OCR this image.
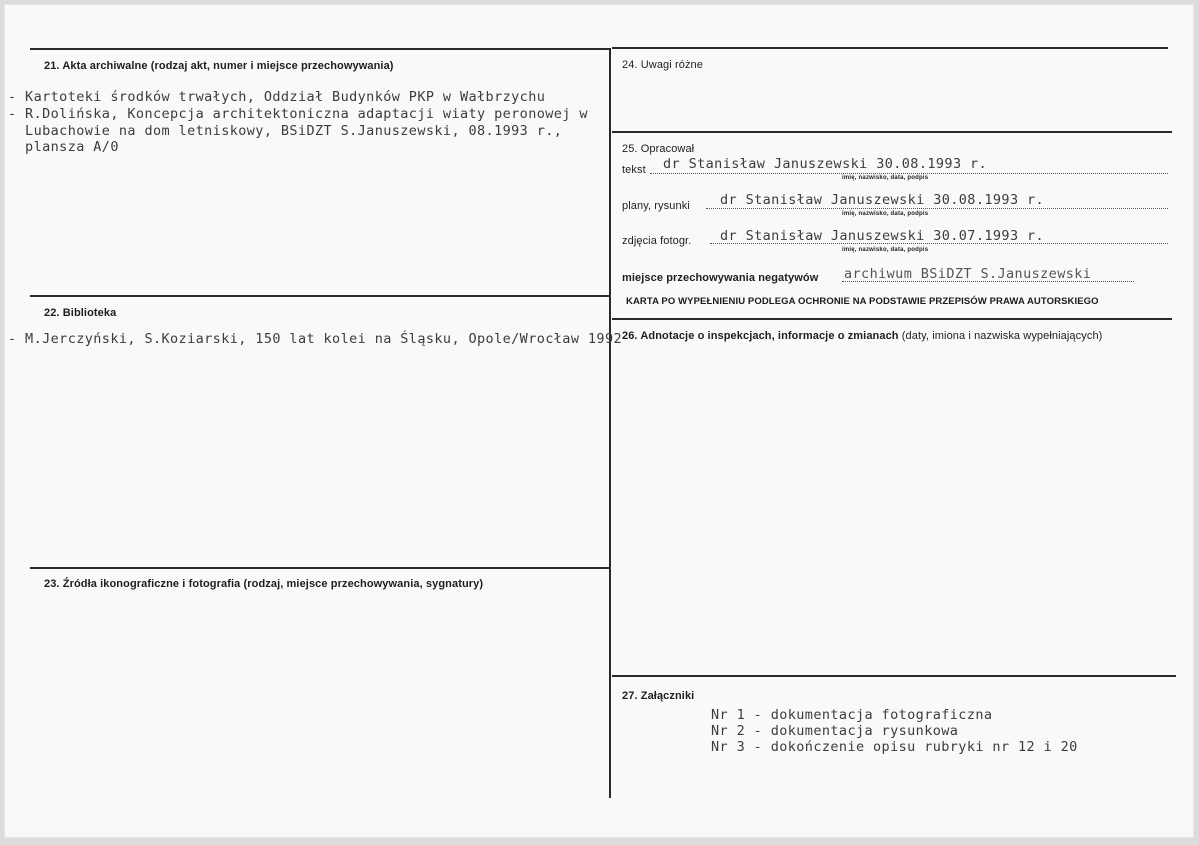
21. Akta archiwalne (rodzaj akt, numer i miejsce przechowywania)
- Kartoteki środków trwałych, Oddział Budynków PKP w Wałbrzychu
- R.Dolińska, Koncepcja architektoniczna adaptacji wiaty peronowej w
Lubachowie na dom letniskowy, BSiDZT S.Januszewski, 08.1993 r.,
plansza A/0
22. Biblioteka
- M.Jerczyński, S.Koziarski, 150 lat kolei na Śląsku, Opole/Wrocław 1992
23. Źródła ikonograficzne i fotografia (rodzaj, miejsce przechowywania, sygnatury)
24. Uwagi różne
25. Opracował
tekst dr Stanisław Januszewski 30.08.1993 r.
imię, nazwisko, data, podpis
plany, rysunki dr Stanisław Januszewski 30.08.1993 r.
imię, nazwisko, data, podpis
zdjęcia fotogr. dr Stanisław Januszewski 30.07.1993 r.
imię, nazwisko, data, podpis
miejsce przechowywania negatywów archiwum BSiDZT S.Januszewski
KARTA PO WYPEŁNIENIU PODLEGA OCHRONIE NA PODSTAWIE PRZEPISÓW PRAWA AUTORSKIEGO
26. Adnotacje o inspekcjach, informacje o zmianach (daty, imiona i nazwiska wypełniających)
27. Załączniki
Nr 1 - dokumentacja fotograficzna
Nr 2 - dokumentacja rysunkowa
Nr 3 - dokończenie opisu rubryki nr 12 i 20
